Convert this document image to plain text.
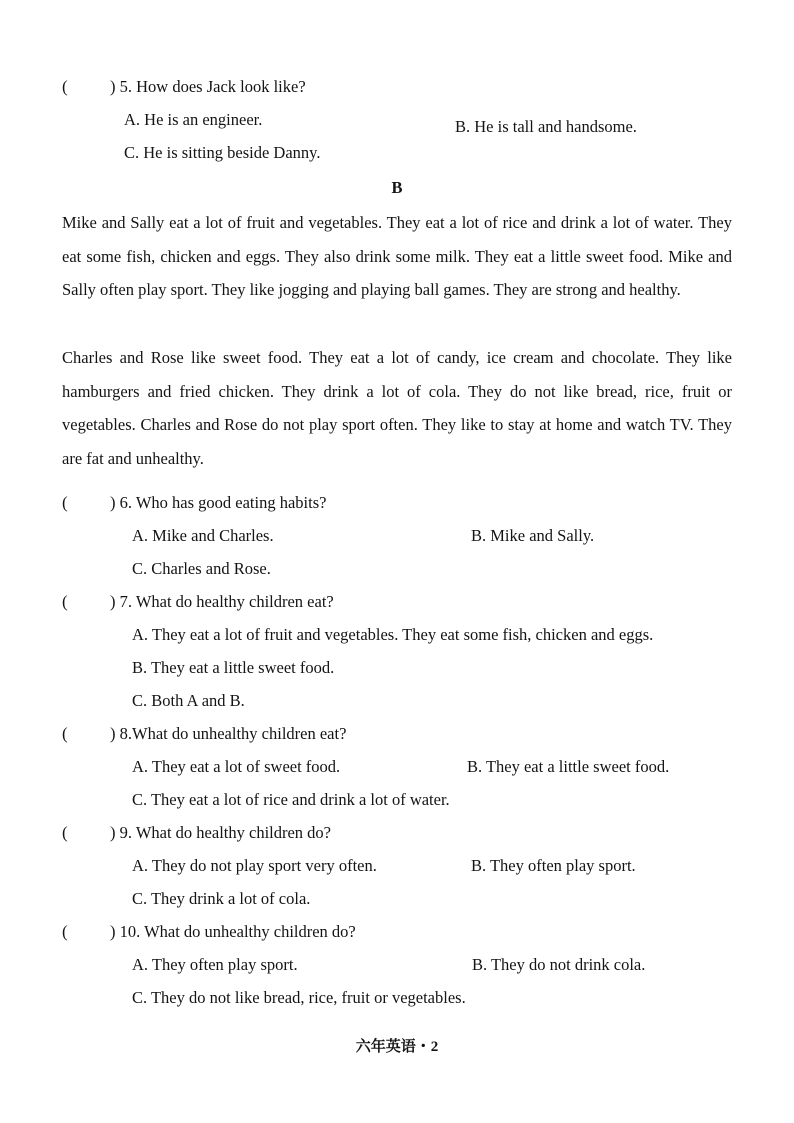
(	) 5. How does Jack look like?
A. He is an engineer.	B. He is tall and handsome.
C. He is sitting beside Danny.
B
Mike and Sally eat a lot of fruit and vegetables. They eat a lot of rice and drink a lot of water. They eat some fish, chicken and eggs. They also drink some milk. They eat a little sweet food. Mike and Sally often play sport. They like jogging and playing ball games. They are strong and healthy.
Charles and Rose like sweet food. They eat a lot of candy, ice cream and chocolate. They like hamburgers and fried chicken. They drink a lot of cola. They do not like bread, rice, fruit or vegetables. Charles and Rose do not play sport often. They like to stay at home and watch TV. They are fat and unhealthy.
(	) 6. Who has good eating habits?
A. Mike and Charles.	B. Mike and Sally.
C. Charles and Rose.
(	) 7. What do healthy children eat?
A. They eat a lot of fruit and vegetables. They eat some fish, chicken and eggs.
B. They eat a little sweet food.
C. Both A and B.
(	) 8.What do unhealthy children eat?
A. They eat a lot of sweet food.	B. They eat a little sweet food.
C. They eat a lot of rice and drink a lot of water.
(	) 9. What do healthy children do?
A. They do not play sport very often.	B. They often play sport.
C. They drink a lot of cola.
(	) 10. What do unhealthy children do?
A. They often play sport.	B. They do not drink cola.
C. They do not like bread, rice, fruit or vegetables.
六年英语・2
